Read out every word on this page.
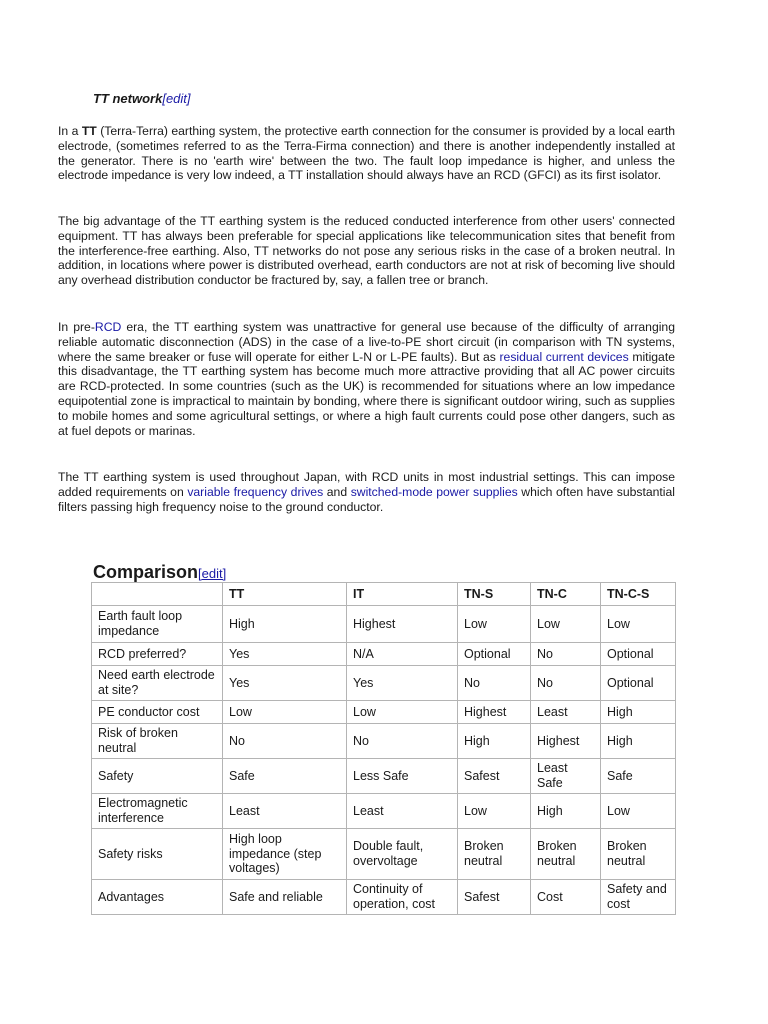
TT network[edit]

In a TT (Terra-Terra) earthing system, the protective earth connection for the consumer is provided by a local earth electrode, (sometimes referred to as the Terra-Firma connection) and there is another independently installed at the generator. There is no 'earth wire' between the two. The fault loop impedance is higher, and unless the electrode impedance is very low indeed, a TT installation should always have an RCD (GFCI) as its first isolator.

The big advantage of the TT earthing system is the reduced conducted interference from other users' connected equipment. TT has always been preferable for special applications like telecommunication sites that benefit from the interference-free earthing. Also, TT networks do not pose any serious risks in the case of a broken neutral. In addition, in locations where power is distributed overhead, earth conductors are not at risk of becoming live should any overhead distribution conductor be fractured by, say, a fallen tree or branch.

In pre-RCD era, the TT earthing system was unattractive for general use because of the difficulty of arranging reliable automatic disconnection (ADS) in the case of a live-to-PE short circuit (in comparison with TN systems, where the same breaker or fuse will operate for either L-N or L-PE faults). But as residual current devices mitigate this disadvantage, the TT earthing system has become much more attractive providing that all AC power circuits are RCD-protected. In some countries (such as the UK) is recommended for situations where an low impedance equipotential zone is impractical to maintain by bonding, where there is significant outdoor wiring, such as supplies to mobile homes and some agricultural settings, or where a high fault currents could pose other dangers, such as at fuel depots or marinas.

The TT earthing system is used throughout Japan, with RCD units in most industrial settings. This can impose added requirements on variable frequency drives and switched-mode power supplies which often have substantial filters passing high frequency noise to the ground conductor.

Comparison[edit]
	TT	IT	TN-S	TN-C	TN-C-S
Earth fault loop impedance	High	Highest	Low	Low	Low
RCD preferred?	Yes	N/A	Optional	No	Optional
Need earth electrode at site?	Yes	Yes	No	No	Optional
PE conductor cost	Low	Low	Highest	Least	High
Risk of broken neutral	No	No	High	Highest	High
Safety	Safe	Less Safe	Safest	Least Safe	Safe
Electromagnetic interference	Least	Least	Low	High	Low
Safety risks	High loop impedance (step voltages)	Double fault, overvoltage	Broken neutral	Broken neutral	Broken neutral
Advantages	Safe and reliable	Continuity of operation, cost	Safest	Cost	Safety and cost
